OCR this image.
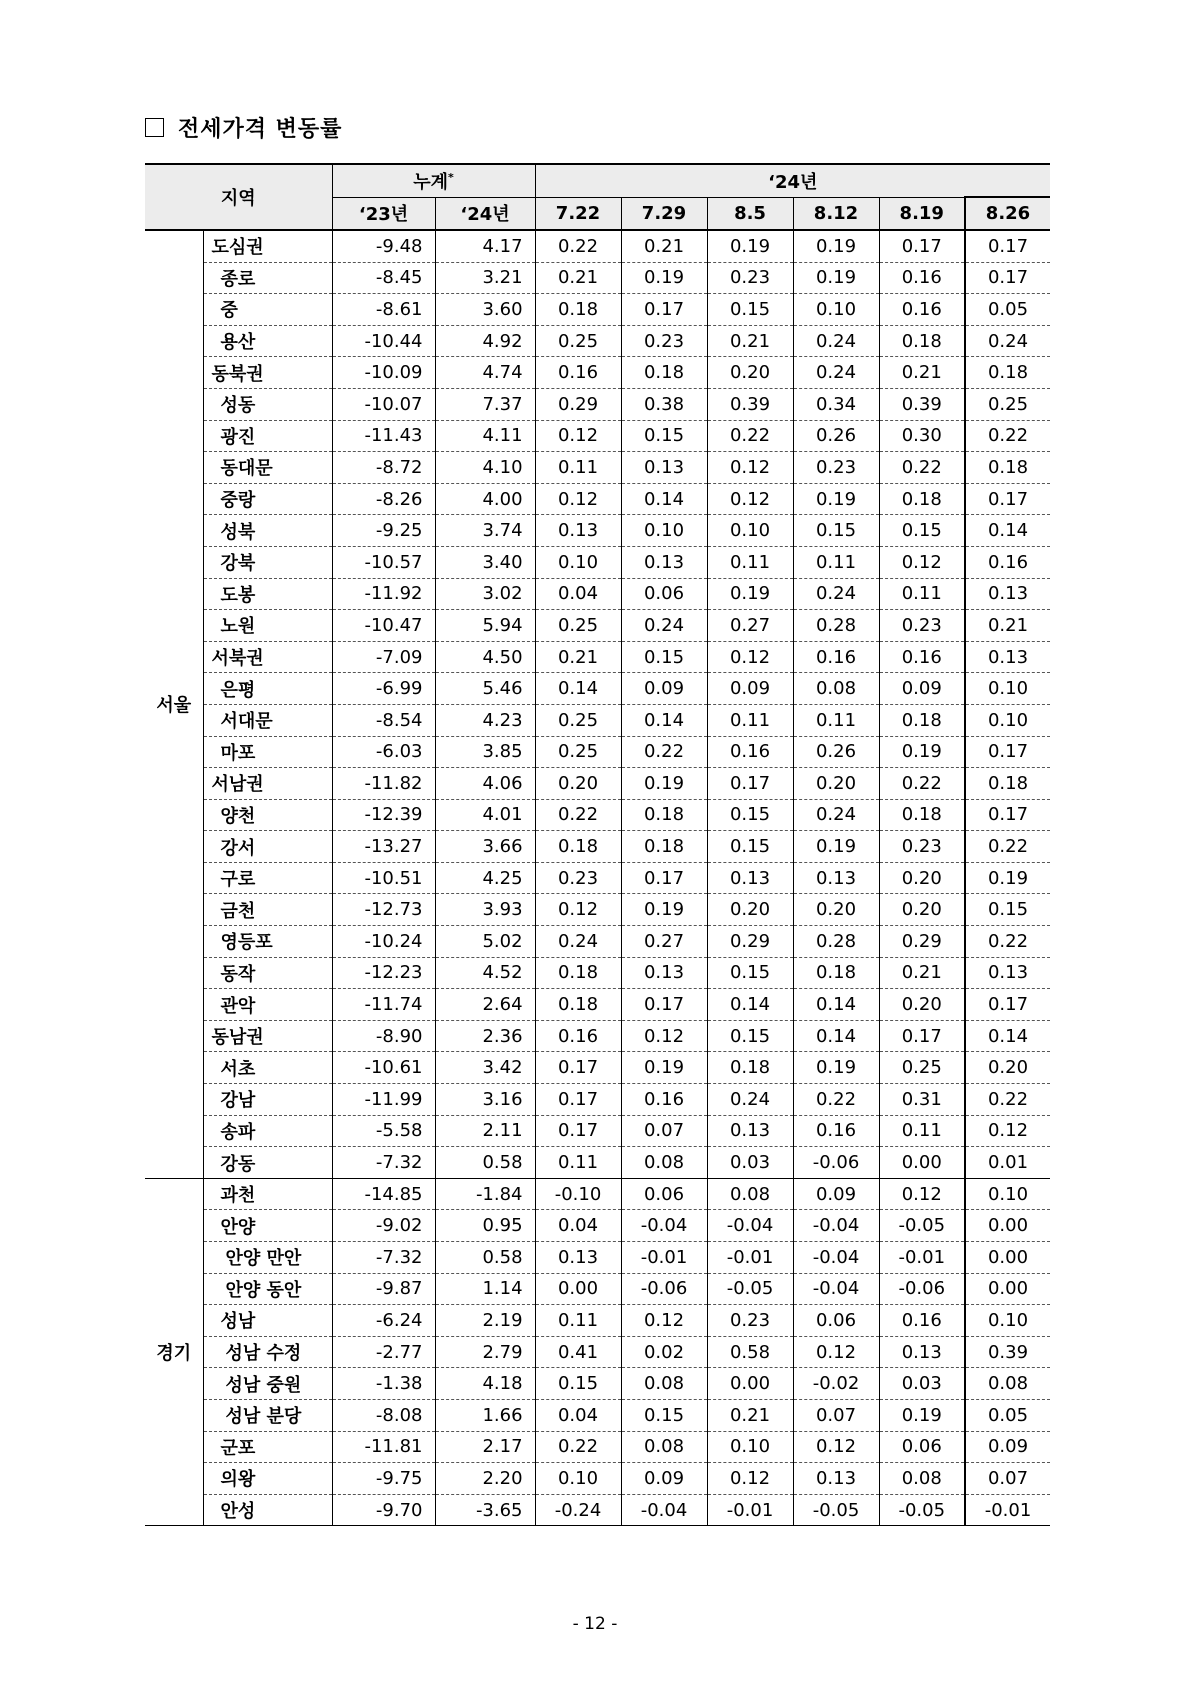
전세가격 변동률
지역		누계*		‘24년					
		‘23년	‘24년	7.22	7.29	8.5	8.12	8.19	8.26
서울	도심권	-9.48	4.17	0.22	0.21	0.19	0.19	0.17	0.17
	종로	-8.45	3.21	0.21	0.19	0.23	0.19	0.16	0.17
	중	-8.61	3.60	0.18	0.17	0.15	0.10	0.16	0.05
	용산	-10.44	4.92	0.25	0.23	0.21	0.24	0.18	0.24
	동북권	-10.09	4.74	0.16	0.18	0.20	0.24	0.21	0.18
	성동	-10.07	7.37	0.29	0.38	0.39	0.34	0.39	0.25
	광진	-11.43	4.11	0.12	0.15	0.22	0.26	0.30	0.22
	동대문	-8.72	4.10	0.11	0.13	0.12	0.23	0.22	0.18
	중랑	-8.26	4.00	0.12	0.14	0.12	0.19	0.18	0.17
	성북	-9.25	3.74	0.13	0.10	0.10	0.15	0.15	0.14
	강북	-10.57	3.40	0.10	0.13	0.11	0.11	0.12	0.16
	도봉	-11.92	3.02	0.04	0.06	0.19	0.24	0.11	0.13
	노원	-10.47	5.94	0.25	0.24	0.27	0.28	0.23	0.21
	서북권	-7.09	4.50	0.21	0.15	0.12	0.16	0.16	0.13
	은평	-6.99	5.46	0.14	0.09	0.09	0.08	0.09	0.10
	서대문	-8.54	4.23	0.25	0.14	0.11	0.11	0.18	0.10
	마포	-6.03	3.85	0.25	0.22	0.16	0.26	0.19	0.17
	서남권	-11.82	4.06	0.20	0.19	0.17	0.20	0.22	0.18
	양천	-12.39	4.01	0.22	0.18	0.15	0.24	0.18	0.17
	강서	-13.27	3.66	0.18	0.18	0.15	0.19	0.23	0.22
	구로	-10.51	4.25	0.23	0.17	0.13	0.13	0.20	0.19
	금천	-12.73	3.93	0.12	0.19	0.20	0.20	0.20	0.15
	영등포	-10.24	5.02	0.24	0.27	0.29	0.28	0.29	0.22
	동작	-12.23	4.52	0.18	0.13	0.15	0.18	0.21	0.13
	관악	-11.74	2.64	0.18	0.17	0.14	0.14	0.20	0.17
	동남권	-8.90	2.36	0.16	0.12	0.15	0.14	0.17	0.14
	서초	-10.61	3.42	0.17	0.19	0.18	0.19	0.25	0.20
	강남	-11.99	3.16	0.17	0.16	0.24	0.22	0.31	0.22
	송파	-5.58	2.11	0.17	0.07	0.13	0.16	0.11	0.12
	강동	-7.32	0.58	0.11	0.08	0.03	-0.06	0.00	0.01
경기	과천	-14.85	-1.84	-0.10	0.06	0.08	0.09	0.12	0.10
	안양	-9.02	0.95	0.04	-0.04	-0.04	-0.04	-0.05	0.00
	안양 만안	-7.32	0.58	0.13	-0.01	-0.01	-0.04	-0.01	0.00
	안양 동안	-9.87	1.14	0.00	-0.06	-0.05	-0.04	-0.06	0.00
	성남	-6.24	2.19	0.11	0.12	0.23	0.06	0.16	0.10
	성남 수정	-2.77	2.79	0.41	0.02	0.58	0.12	0.13	0.39
	성남 중원	-1.38	4.18	0.15	0.08	0.00	-0.02	0.03	0.08
	성남 분당	-8.08	1.66	0.04	0.15	0.21	0.07	0.19	0.05
	군포	-11.81	2.17	0.22	0.08	0.10	0.12	0.06	0.09
	의왕	-9.75	2.20	0.10	0.09	0.12	0.13	0.08	0.07
	안성	-9.70	-3.65	-0.24	-0.04	-0.01	-0.05	-0.05	-0.01
- 12 -
